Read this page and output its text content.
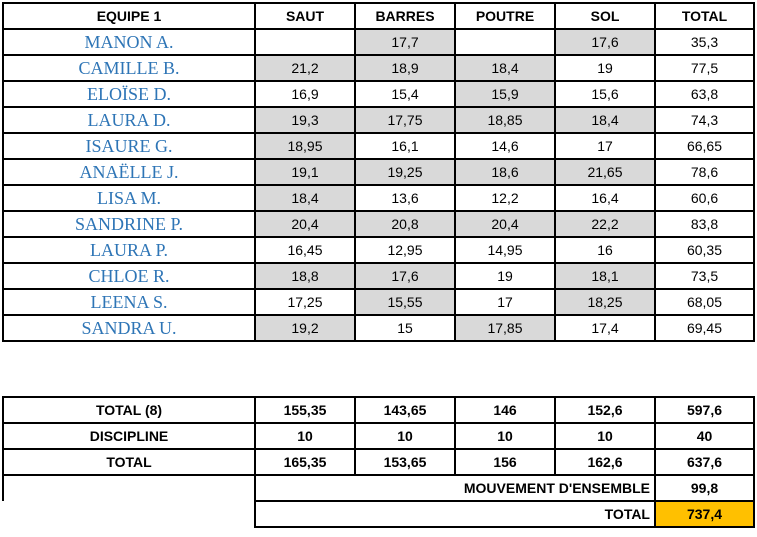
EQUIPE 1	SAUT	BARRES	POUTRE	SOL	TOTAL
MANON A.		17,7		17,6	35,3
CAMILLE B.	21,2	18,9	18,4	19	77,5
ELOÏSE D.	16,9	15,4	15,9	15,6	63,8
LAURA D.	19,3	17,75	18,85	18,4	74,3
ISAURE G.	18,95	16,1	14,6	17	66,65
ANAËLLE J.	19,1	19,25	18,6	21,65	78,6
LISA M.	18,4	13,6	12,2	16,4	60,6
SANDRINE P.	20,4	20,8	20,4	22,2	83,8
LAURA P.	16,45	12,95	14,95	16	60,35
CHLOE R.	18,8	17,6	19	18,1	73,5
LEENA S.	17,25	15,55	17	18,25	68,05
SANDRA U.	19,2	15	17,85	17,4	69,45
TOTAL (8)	155,35	143,65	146	152,6	597,6
DISCIPLINE	10	10	10	10	40
TOTAL	165,35	153,65	156	162,6	637,6
	MOUVEMENT D'ENSEMBLE				99,8
	TOTAL				737,4
